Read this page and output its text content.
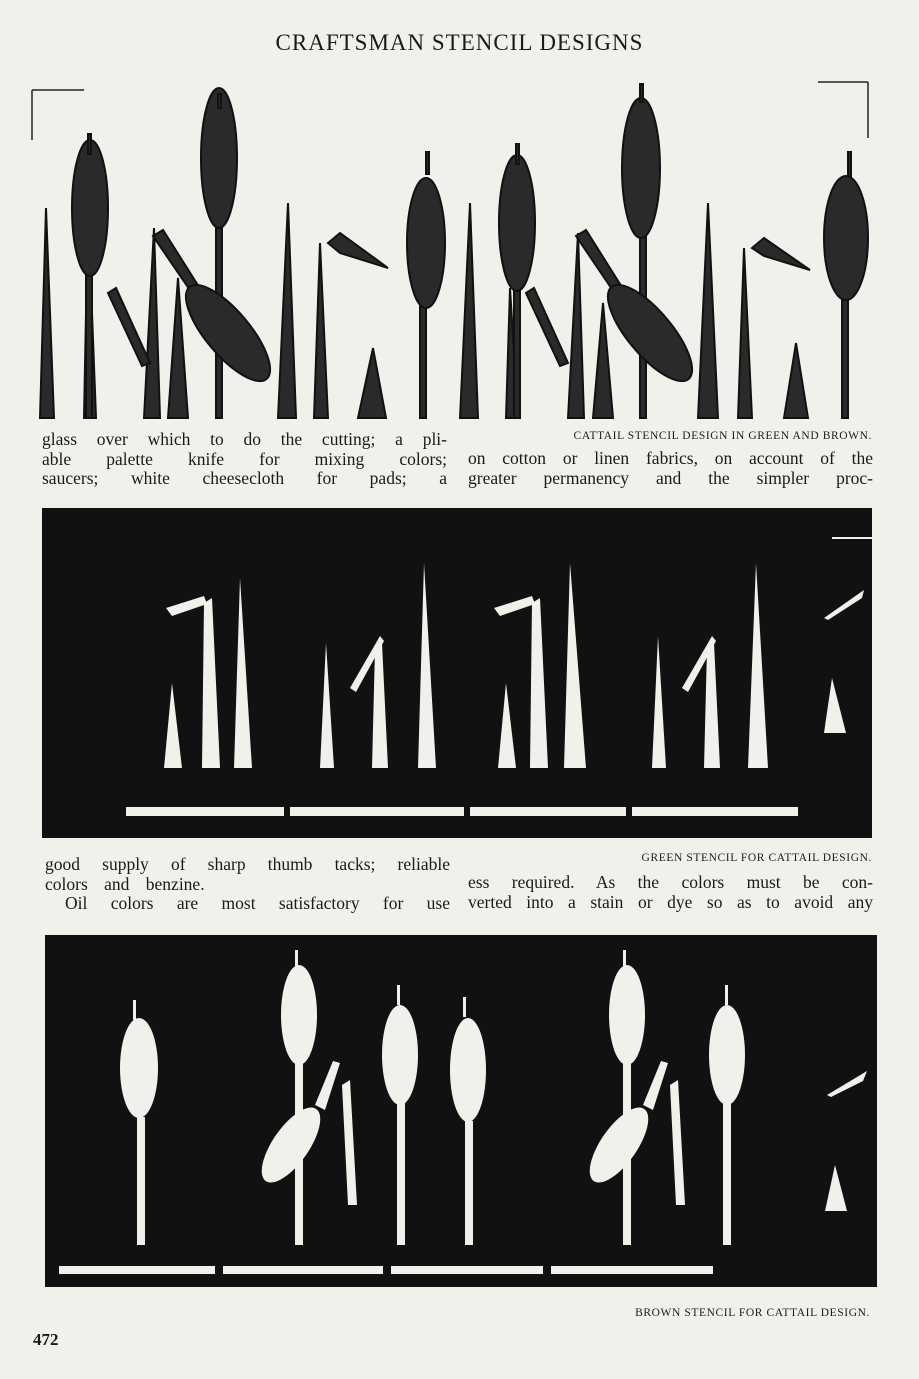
CRAFTSMAN STENCIL DESIGNS
CATTAIL STENCIL DESIGN IN GREEN AND BROWN.

glass over which to do the cutting; a pli-

able palette knife for mixing colors;

saucers; white cheesecloth for pads; a

on cotton or linen fabrics, on account of the

greater permanency and the simpler proc-

GREEN STENCIL FOR CATTAIL DESIGN.

good supply of sharp thumb tacks; reliable

colors and benzine.

Oil colors are most satisfactory for use

ess required. As the colors must be con-

verted into a stain or dye so as to avoid any

BROWN STENCIL FOR CATTAIL DESIGN.
472
